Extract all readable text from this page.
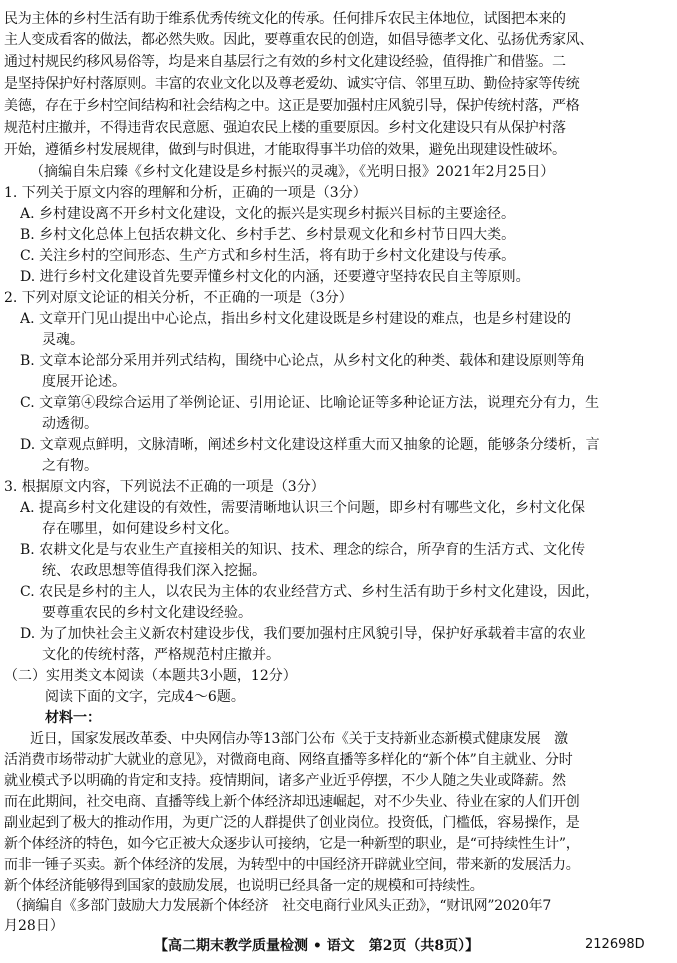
民为主体的乡村生活有助于维系优秀传统文化的传承。任何排斥农民主体地位，试图把本来的
主人变成看客的做法，都必然失败。因此，要尊重农民的创造，如倡导德孝文化、弘扬优秀家风、
通过村规民约移风易俗等，均是来自基层行之有效的乡村文化建设经验，值得推广和借鉴。二
是坚持保护好村落原则。丰富的农业文化以及尊老爱幼、诚实守信、邻里互助、勤俭持家等传统
美德，存在于乡村空间结构和社会结构之中。这正是要加强村庄风貌引导，保护传统村落，严格
规范村庄撤并，不得违背农民意愿、强迫农民上楼的重要原因。乡村文化建设只有从保护村落
开始，遵循乡村发展规律，做到与时俱进，才能取得事半功倍的效果，避免出现建设性破坏。
（摘编自朱启臻《乡村文化建设是乡村振兴的灵魂》，《光明日报》2021年2月25日）
1. 下列关于原文内容的理解和分析，正确的一项是（3分）
A. 乡村建设离不开乡村文化建设，文化的振兴是实现乡村振兴目标的主要途径。
B. 乡村文化总体上包括农耕文化、乡村手艺、乡村景观文化和乡村节日四大类。
C. 关注乡村的空间形态、生产方式和乡村生活，将有助于乡村文化建设与传承。
D. 进行乡村文化建设首先要弄懂乡村文化的内涵，还要遵守坚持农民自主等原则。
2. 下列对原文论证的相关分析，不正确的一项是（3分）
A. 文章开门见山提出中心论点，指出乡村文化建设既是乡村建设的难点，也是乡村建设的
灵魂。
B. 文章本论部分采用并列式结构，围绕中心论点，从乡村文化的种类、载体和建设原则等角
度展开论述。
C. 文章第④段综合运用了举例论证、引用论证、比喻论证等多种论证方法，说理充分有力，生
动透彻。
D. 文章观点鲜明，文脉清晰，阐述乡村文化建设这样重大而又抽象的论题，能够条分缕析，言
之有物。
3. 根据原文内容，下列说法不正确的一项是（3分）
A. 提高乡村文化建设的有效性，需要清晰地认识三个问题，即乡村有哪些文化，乡村文化保
存在哪里，如何建设乡村文化。
B. 农耕文化是与农业生产直接相关的知识、技术、理念的综合，所孕育的生活方式、文化传
统、农政思想等值得我们深入挖掘。
C. 农民是乡村的主人，以农民为主体的农业经营方式、乡村生活有助于乡村文化建设，因此，
要尊重农民的乡村文化建设经验。
D. 为了加快社会主义新农村建设步伐，我们要加强村庄风貌引导，保护好承载着丰富的农业
文化的传统村落，严格规范村庄撤并。
（二）实用类文本阅读（本题共3小题，12分）
阅读下面的文字，完成4～6题。
材料一：
近日，国家发展改革委、中央网信办等13部门公布《关于支持新业态新模式健康发展　激
活消费市场带动扩大就业的意见》，对微商电商、网络直播等多样化的“新个体”自主就业、分时
就业模式予以明确的肯定和支持。疫情期间，诸多产业近乎停摆，不少人随之失业或降薪。然
而在此期间，社交电商、直播等线上新个体经济却迅速崛起，对不少失业、待业在家的人们开创
副业起到了极大的推动作用，为更广泛的人群提供了创业岗位。投资低，门槛低，容易操作，是
新个体经济的特色，如今它正被大众逐步认可接纳，它是一种新型的职业，是“可持续性生计”，
而非一锤子买卖。新个体经济的发展，为转型中的中国经济开辟就业空间，带来新的发展活力。
新个体经济能够得到国家的鼓励发展，也说明已经具备一定的规模和可持续性。
（摘编自《多部门鼓励大力发展新个体经济　社交电商行业风头正劲》，“财讯网”2020年7
月28日）
【高二期末教学质量检测 • 语文　第2页（共8页）】	212698D
